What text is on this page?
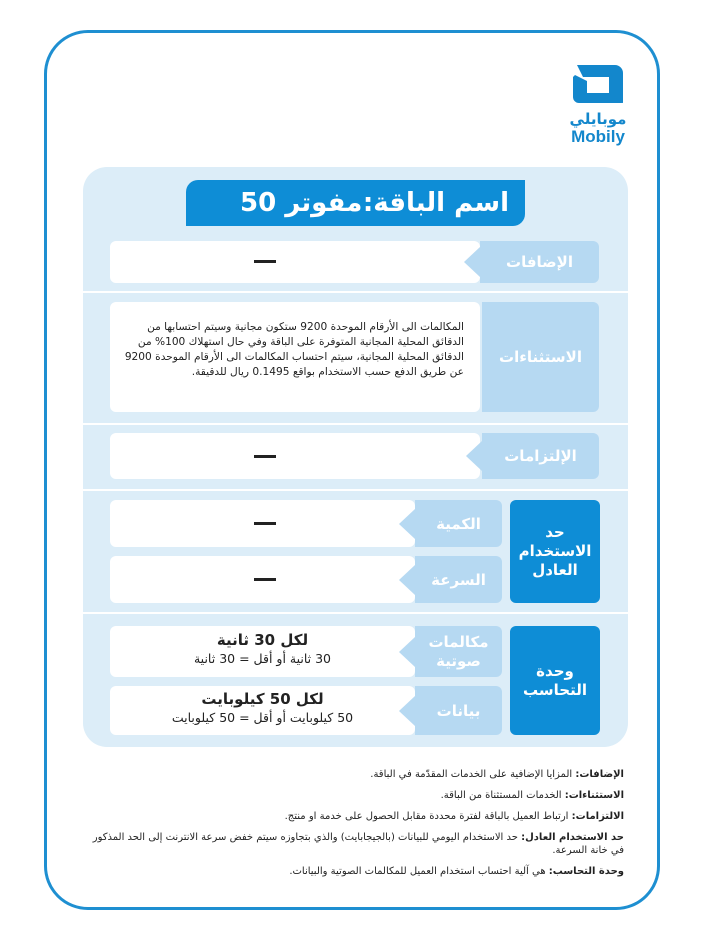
موبايلي
Mobily
اسم الباقة:
مفوتر 50
الإضافات
المكالمات الى الأرقام الموحدة 9200 ستكون مجانية وسيتم احتسابها من الدقائق المحلية المجانية المتوفرة على الباقة وفي حال استهلاك 100% من الدقائق المحلية المجانية، سيتم احتساب المكالمات الى الأرقام الموحدة 9200 عن طريق الدفع حسب الاستخدام بواقع 0.1495 ريال للدقيقة.
الاستثناءات
الإلتزامات
حد الاستخدام العادل
الكمية
السرعة
وحدة التحاسب
لكل 30 ثانية
30 ثانية أو أقل = 30 ثانية
مكالمات صوتية
لكل 50 كيلوبايت
50 كيلوبايت أو أقل = 50 كيلوبايت	بيانات

الإضافات: المزايا الإضافية على الخدمات المقدّمة في الباقة.

الاستثناءات: الخدمات المستثناة من الباقة.

الالتزامات: ارتباط العميل بالباقة لفترة محددة مقابل الحصول على خدمة او منتج.

حد الاستخدام العادل: حد الاستخدام اليومي للبيانات (بالجيجابايت) والذي بتجاوزه سيتم خفض سرعة الانترنت إلى الحد المذكور في خانة السرعة.

وحدة التحاسب: هي آلية احتساب استخدام العميل للمكالمات الصوتية والبيانات.
